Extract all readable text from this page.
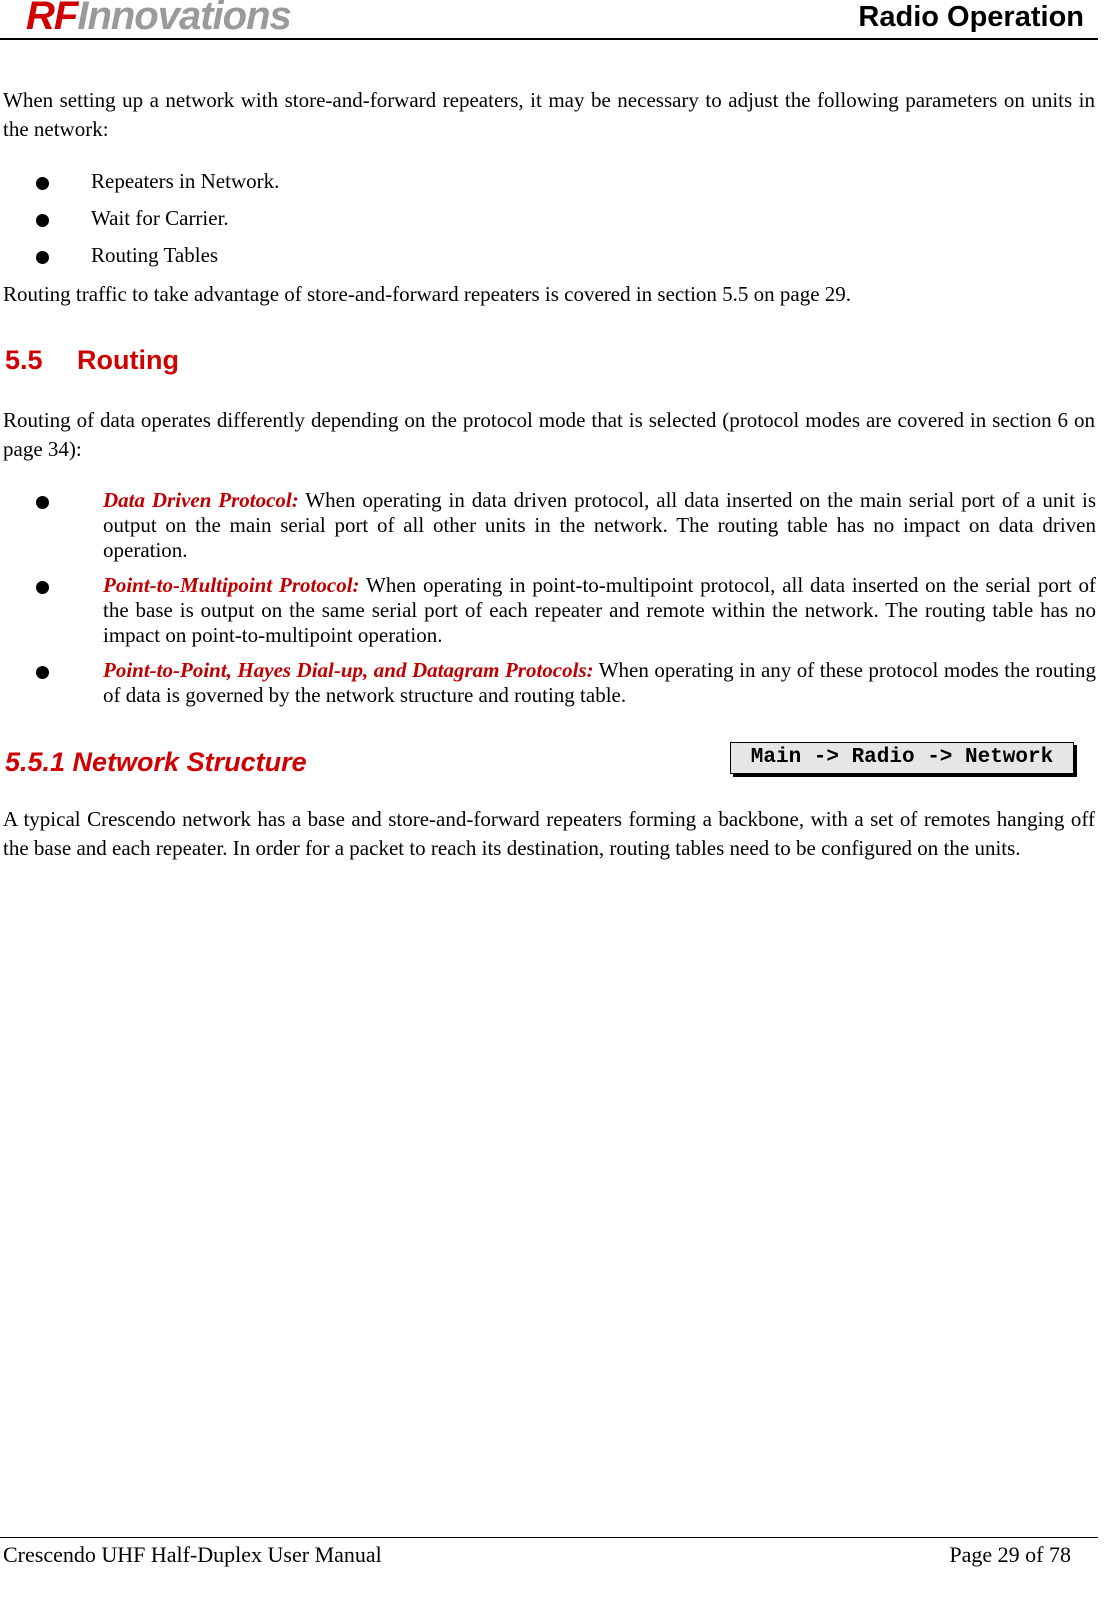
RFInnovations	Radio Operation
When setting up a network with store-and-forward repeaters, it may be necessary to adjust the following parameters on units in the network:
Repeaters in Network.
Wait for Carrier.
Routing Tables
Routing traffic to take advantage of store-and-forward repeaters is covered in section 5.5 on page 29.
5.5 Routing
Routing of data operates differently depending on the protocol mode that is selected (protocol modes are covered in section 6 on page 34):
Data Driven Protocol: When operating in data driven protocol, all data inserted on the main serial port of a unit is output on the main serial port of all other units in the network. The routing table has no impact on data driven operation.
Point-to-Multipoint Protocol: When operating in point-to-multipoint protocol, all data inserted on the serial port of the base is output on the same serial port of each repeater and remote within the network. The routing table has no impact on point-to-multipoint operation.
Point-to-Point, Hayes Dial-up, and Datagram Protocols: When operating in any of these protocol modes the routing of data is governed by the network structure and routing table.
5.5.1 Network Structure	Main -> Radio -> Network
A typical Crescendo network has a base and store-and-forward repeaters forming a backbone, with a set of remotes hanging off the base and each repeater. In order for a packet to reach its destination, routing tables need to be configured on the units.
Crescendo UHF Half-Duplex User Manual	Page 29 of 78
